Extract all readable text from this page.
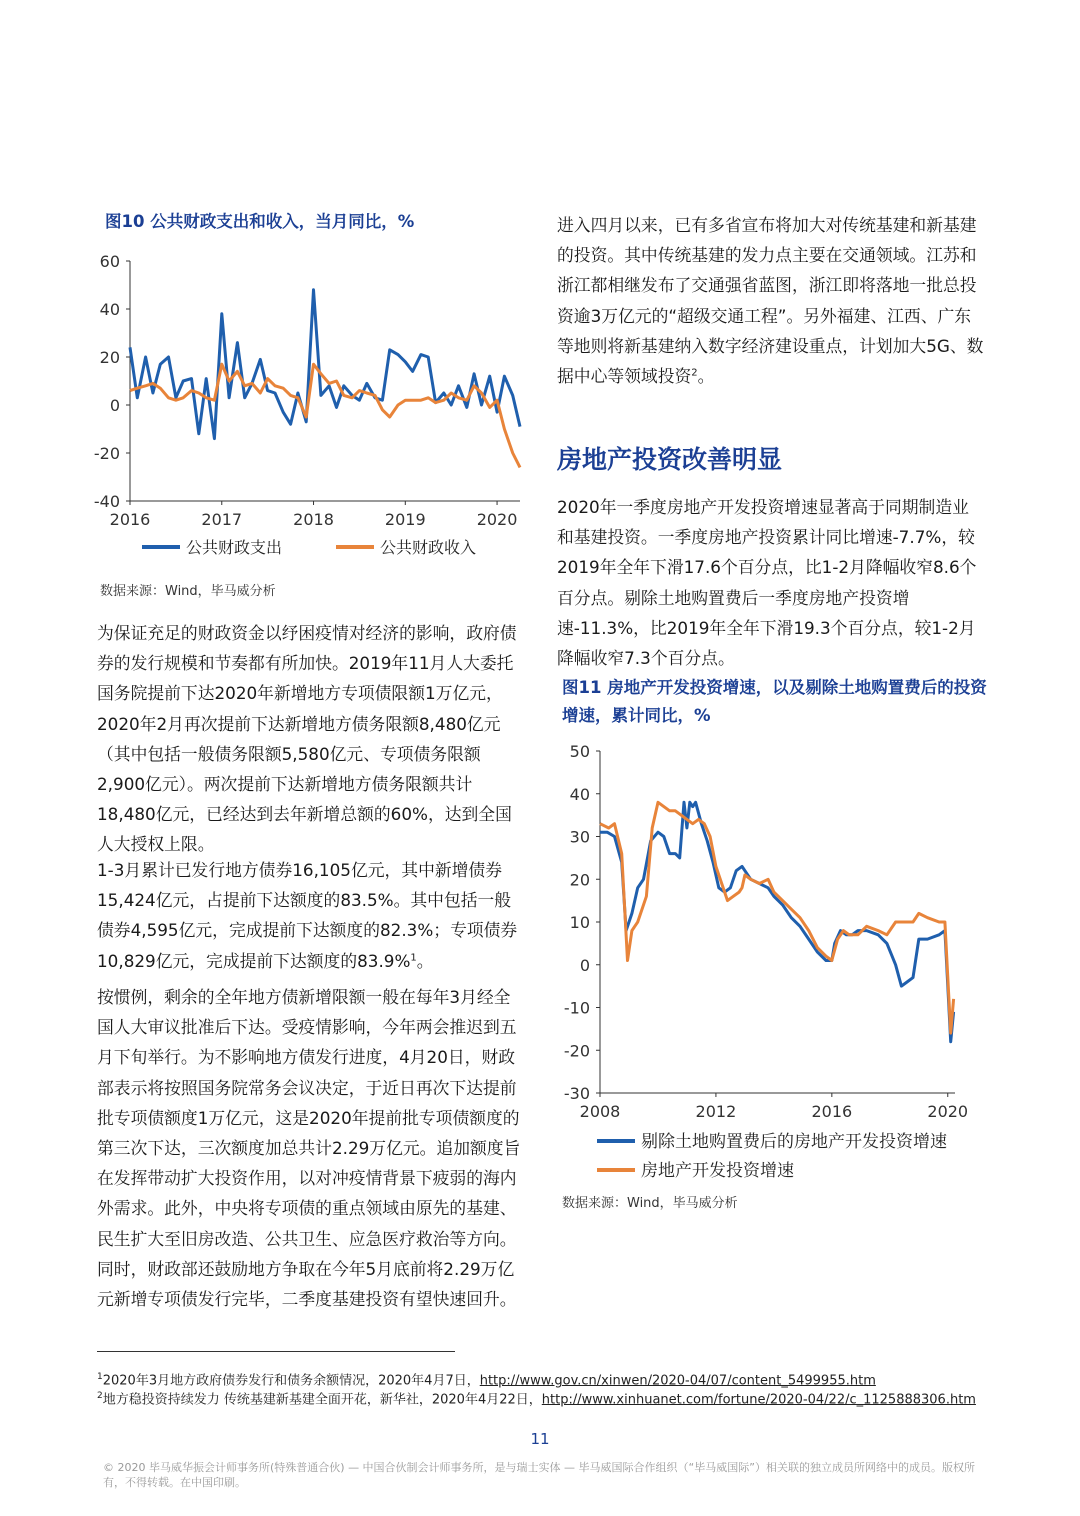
图10 公共财政支出和收入，当月同比，%
60
40
20
0
-20
-40
2016	2017	2018	2019	2020
公共财政支出	公共财政收入
数据来源：Wind，毕马威分析
为保证充足的财政资金以纾困疫情对经济的影响，政府债券的发行规模和节奏都有所加快。2019年11月人大委托国务院提前下达2020年新增地方专项债限额1万亿元，2020年2月再次提前下达新增地方债务限额8,480亿元（其中包括一般债务限额5,580亿元、专项债务限额2,900亿元）。两次提前下达新增地方债务限额共计18,480亿元，已经达到去年新增总额的60%，达到全国人大授权上限。
1-3月累计已发行地方债券16,105亿元，其中新增债券15,424亿元，占提前下达额度的83.5%。其中包括一般债券4,595亿元，完成提前下达额度的82.3%；专项债券10,829亿元，完成提前下达额度的83.9%$^1$。
按惯例，剩余的全年地方债新增限额一般在每年3月经全国人大审议批准后下达。受疫情影响，今年两会推迟到五月下旬举行。为不影响地方债发行进度，4月20日，财政部表示将按照国务院常务会议决定，于近日再次下达提前批专项债额度1万亿元，这是2020年提前批专项债额度的第三次下达，三次额度加总共计2.29万亿元。追加额度旨在发挥带动扩大投资作用，以对冲疫情背景下疲弱的海内外需求。此外，中央将专项债的重点领域由原先的基建、民生扩大至旧房改造、公共卫生、应急医疗救治等方向。同时，财政部还鼓励地方争取在今年5月底前将2.29万亿元新增专项债发行完毕，二季度基建投资有望快速回升。
进入四月以来，已有多省宣布将加大对传统基建和新基建的投资。其中传统基建的发力点主要在交通领域。江苏和浙江都相继发布了交通强省蓝图，浙江即将落地一批总投资逾3万亿元的“超级交通工程”。另外福建、江西、广东等地则将新基建纳入数字经济建设重点，计划加大5G、数据中心等领域投资$^2$。
房地产投资改善明显
2020年一季度房地产开发投资增速显著高于同期制造业和基建投资。一季度房地产投资累计同比增速-7.7%，较2019年全年下滑17.6个百分点，比1-2月降幅收窄8.6个百分点。剔除土地购置费后一季度房地产投资增速-11.3%，比2019年全年下滑19.3个百分点，较1-2月降幅收窄7.3个百分点。
图11 房地产开发投资增速，以及剔除土地购置费后的投资增速，累计同比，%
50
40
30
20
10
0
-10
-20
-30
2008	2012	2016	2020
剔除土地购置费后的房地产开发投资增速
房地产开发投资增速
数据来源：Wind，毕马威分析
$^1$2020年3月地方政府债券发行和债务余额情况，2020年4月7日，http://www.gov.cn/xinwen/2020-04/07/content_5499955.htm
$^2$地方稳投资持续发力 传统基建新基建全面开花，新华社，2020年4月22日，http://www.xinhuanet.com/fortune/2020-04/22/c_1125888306.htm
11
© 2020 毕马威华振会计师事务所(特殊普通合伙) — 中国合伙制会计师事务所，是与瑞士实体 — 毕马威国际合作组织（“毕马威国际”）相关联的独立成员所网络中的成员。版权所有，不得转载。在中国印刷。
